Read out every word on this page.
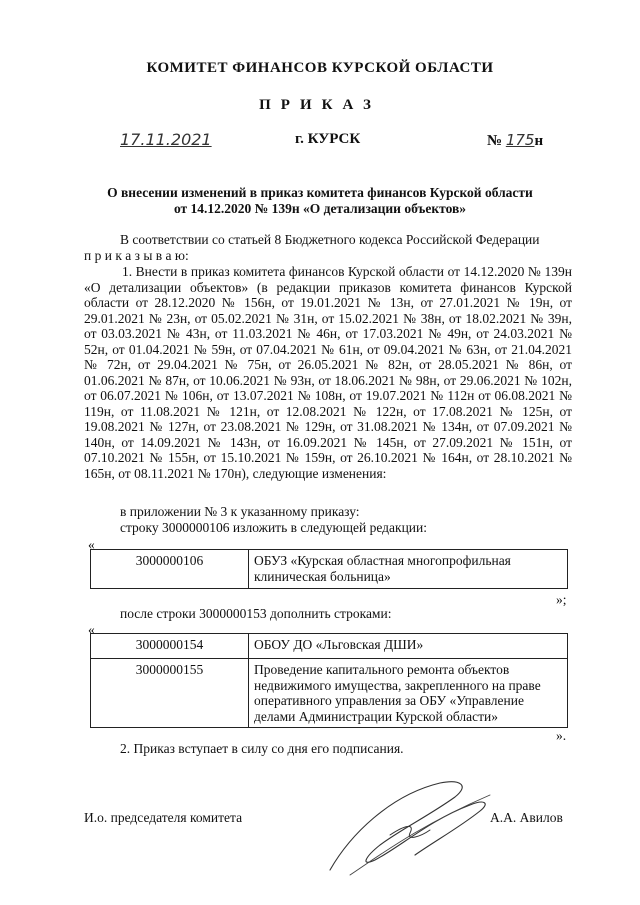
КОМИТЕТ ФИНАНСОВ КУРСКОЙ ОБЛАСТИ
ПРИКАЗ
17.11.2021	г. КУРСК	№ 175н
О внесении изменений в приказ комитета финансов Курской области
от 14.12.2020 № 139н «О детализации объектов»
В соответствии со статьей 8 Бюджетного кодекса Российской Федерации
п р и к а з ы в а ю:
1. Внести в приказ комитета финансов Курской области от 14.12.2020 № 139н «О детализации объектов» (в редакции приказов комитета финансов Курской области от 28.12.2020 № 156н, от 19.01.2021 № 13н, от 27.01.2021 № 19н, от 29.01.2021 № 23н, от 05.02.2021 № 31н, от 15.02.2021 № 38н, от 18.02.2021 № 39н, от 03.03.2021 № 43н, от 11.03.2021 № 46н, от 17.03.2021 № 49н, от 24.03.2021 № 52н, от 01.04.2021 № 59н, от 07.04.2021 № 61н, от 09.04.2021 № 63н, от 21.04.2021 № 72н, от 29.04.2021 № 75н, от 26.05.2021 № 82н, от 28.05.2021 № 86н, от 01.06.2021 № 87н, от 10.06.2021 № 93н, от 18.06.2021 № 98н, от 29.06.2021 № 102н, от 06.07.2021 № 106н, от 13.07.2021 № 108н, от 19.07.2021 № 112н от 06.08.2021 № 119н, от 11.08.2021 № 121н, от 12.08.2021 № 122н, от 17.08.2021 № 125н, от 19.08.2021 № 127н, от 23.08.2021 № 129н, от 31.08.2021 № 134н, от 07.09.2021 № 140н, от 14.09.2021 № 143н, от 16.09.2021 № 145н, от 27.09.2021 № 151н, от 07.10.2021 № 155н, от 15.10.2021 № 159н, от 26.10.2021 № 164н, от 28.10.2021 № 165н, от 08.11.2021 № 170н), следующие изменения:
в приложении № 3 к указанному приказу:
строку 3000000106 изложить в следующей редакции:
«
3000000106	ОБУЗ «Курская областная многопрофильная клиническая больница»
»;
после строки 3000000153 дополнить строками:
«
3000000154	ОБОУ ДО «Льговская ДШИ»
3000000155	Проведение капитального ремонта объектов недвижимого имущества, закрепленного на праве оперативного управления за ОБУ «Управление делами Администрации Курской области»
».
2. Приказ вступает в силу со дня его подписания.
И.о. председателя комитета	А.А. Авилов
